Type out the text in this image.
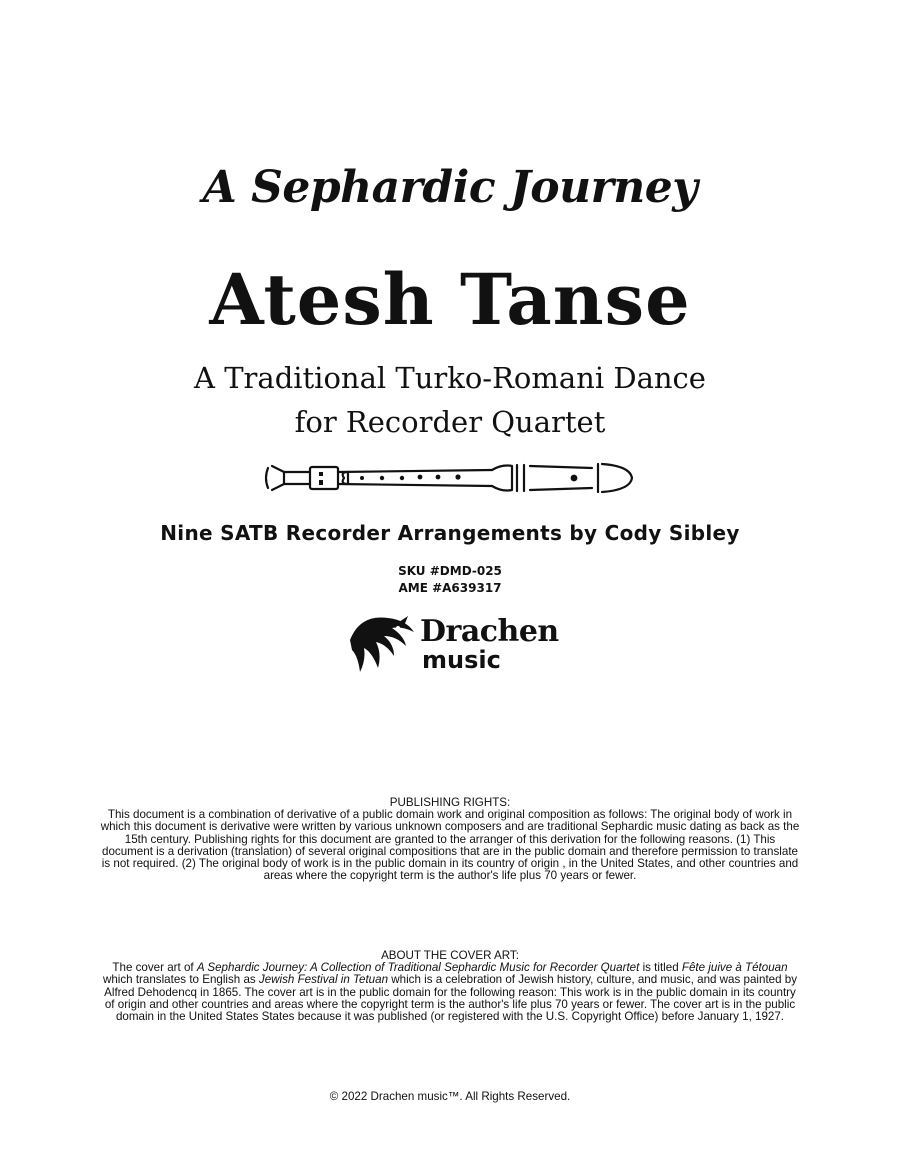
A Sephardic Journey
Atesh Tanse
A Traditional Turko-Romani Dance
for Recorder Quartet
Nine SATB Recorder Arrangements by Cody Sibley
SKU #DMD-025
AME #A639317
Drachen
music
PUBLISHING RIGHTS:
This document is a combination of derivative of a public domain work and original composition as follows: The original body of work in which this document is derivative were written by various unknown composers and are traditional Sephardic music dating as back as the 15th century. Publishing rights for this document are granted to the arranger of this derivation for the following reasons. (1) This document is a derivation (translation) of several original compositions that are in the public domain and therefore permission to translate is not required. (2) The original body of work is in the public domain in its country of origin , in the United States, and other countries and areas where the copyright term is the author's life plus 70 years or fewer.
ABOUT THE COVER ART:
The cover art of A Sephardic Journey: A Collection of Traditional Sephardic Music for Recorder Quartet is titled Fête juive à Tétouan which translates to English as Jewish Festival in Tetuan which is a celebration of Jewish history, culture, and music, and was painted by Alfred Dehodencq in 1865. The cover art is in the public domain for the following reason: This work is in the public domain in its country of origin and other countries and areas where the copyright term is the author's life plus 70 years or fewer. The cover art is in the public domain in the United States States because it was published (or registered with the U.S. Copyright Office) before January 1, 1927.
© 2022 Drachen music™. All Rights Reserved.
